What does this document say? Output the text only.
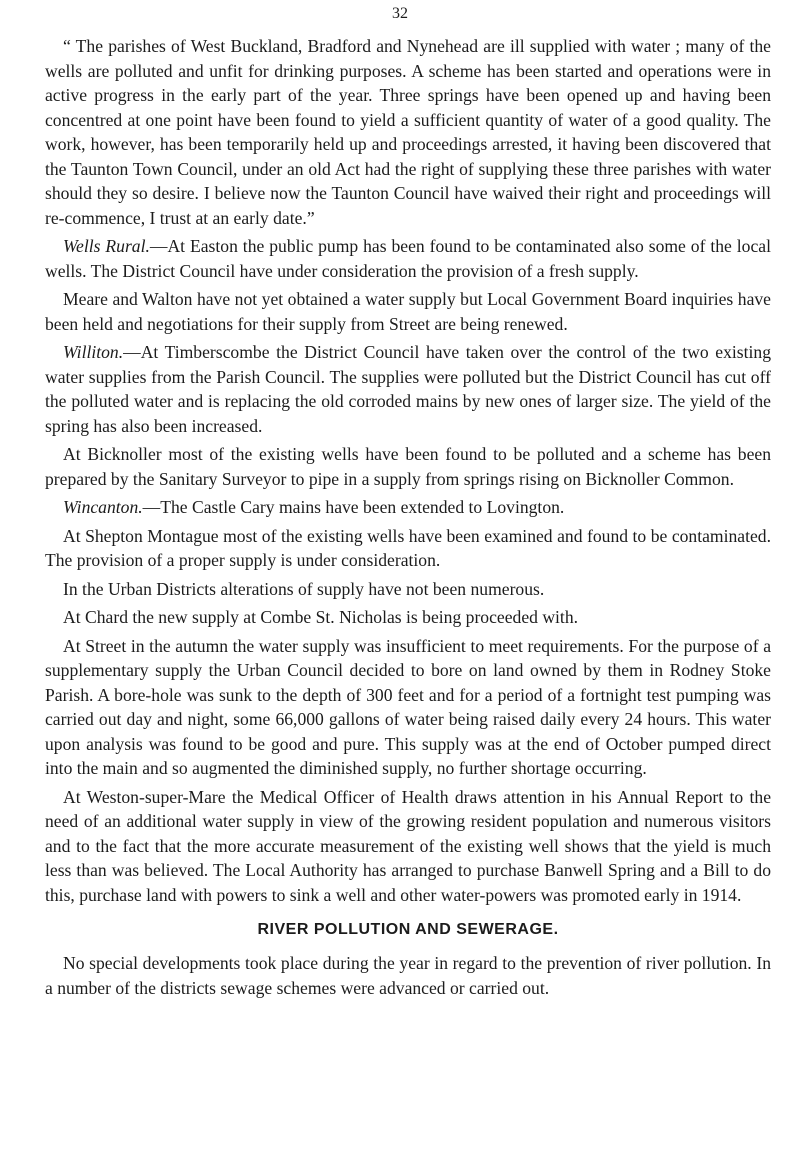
32

“ The parishes of West Buckland, Bradford and Nynehead are ill supplied with water ; many of the wells are polluted and unfit for drinking purposes. A scheme has been started and operations were in active progress in the early part of the year. Three springs have been opened up and having been concentred at one point have been found to yield a sufficient quantity of water of a good quality. The work, however, has been temporarily held up and proceedings arrested, it having been discovered that the Taunton Town Council, under an old Act had the right of supplying these three parishes with water should they so desire. I believe now the Taunton Council have waived their right and proceedings will re-commence, I trust at an early date.”

Wells Rural.—At Easton the public pump has been found to be contaminated also some of the local wells. The District Council have under consideration the provision of a fresh supply.

Meare and Walton have not yet obtained a water supply but Local Government Board inquiries have been held and negotiations for their supply from Street are being renewed.

Williton.—At Timberscombe the District Council have taken over the control of the two existing water supplies from the Parish Council. The supplies were polluted but the District Council has cut off the polluted water and is replacing the old corroded mains by new ones of larger size. The yield of the spring has also been increased.

At Bicknoller most of the existing wells have been found to be polluted and a scheme has been prepared by the Sanitary Surveyor to pipe in a supply from springs rising on Bicknoller Common.

Wincanton.—The Castle Cary mains have been extended to Lovington.

At Shepton Montague most of the existing wells have been examined and found to be contaminated. The provision of a proper supply is under consideration.

In the Urban Districts alterations of supply have not been numerous.

At Chard the new supply at Combe St. Nicholas is being proceeded with.

At Street in the autumn the water supply was insufficient to meet requirements. For the purpose of a supplementary supply the Urban Council decided to bore on land owned by them in Rodney Stoke Parish. A bore-hole was sunk to the depth of 300 feet and for a period of a fortnight test pumping was carried out day and night, some 66,000 gallons of water being raised daily every 24 hours. This water upon analysis was found to be good and pure. This supply was at the end of October pumped direct into the main and so augmented the diminished supply, no further shortage occurring.

At Weston-super-Mare the Medical Officer of Health draws attention in his Annual Report to the need of an additional water supply in view of the growing resident population and numerous visitors and to the fact that the more accurate measurement of the existing well shows that the yield is much less than was believed. The Local Authority has arranged to purchase Banwell Spring and a Bill to do this, purchase land with powers to sink a well and other water-powers was promoted early in 1914.

RIVER POLLUTION AND SEWERAGE.

No special developments took place during the year in regard to the prevention of river pollution. In a number of the districts sewage schemes were advanced or carried out.
